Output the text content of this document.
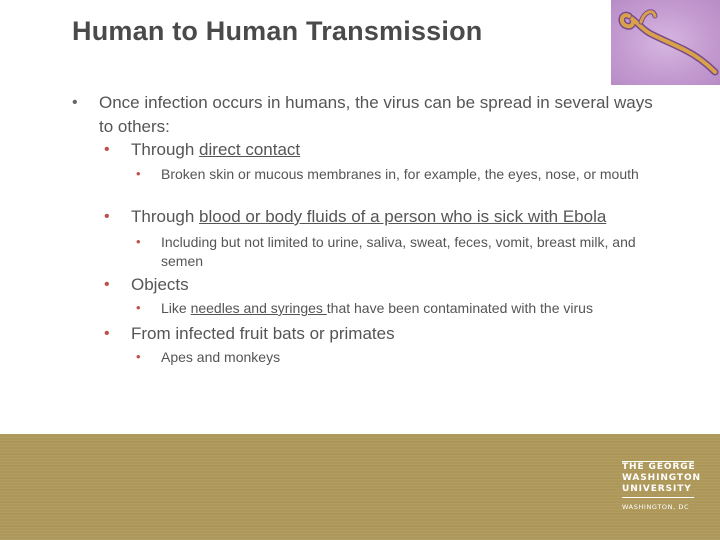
Human to Human Transmission
• Once infection occurs in humans, the virus can be spread in several ways to others:
• Through direct contact
• Broken skin or mucous membranes in, for example, the eyes, nose, or mouth
• Through blood or body fluids of a person who is sick with Ebola
• Including but not limited to urine, saliva, sweat, feces, vomit, breast milk, and semen
• Objects
• Like needles and syringes that have been contaminated with the virus
• From infected fruit bats or primates
• Apes and monkeys
THE GEORGE
WASHINGTON
UNIVERSITY
WASHINGTON, DC
